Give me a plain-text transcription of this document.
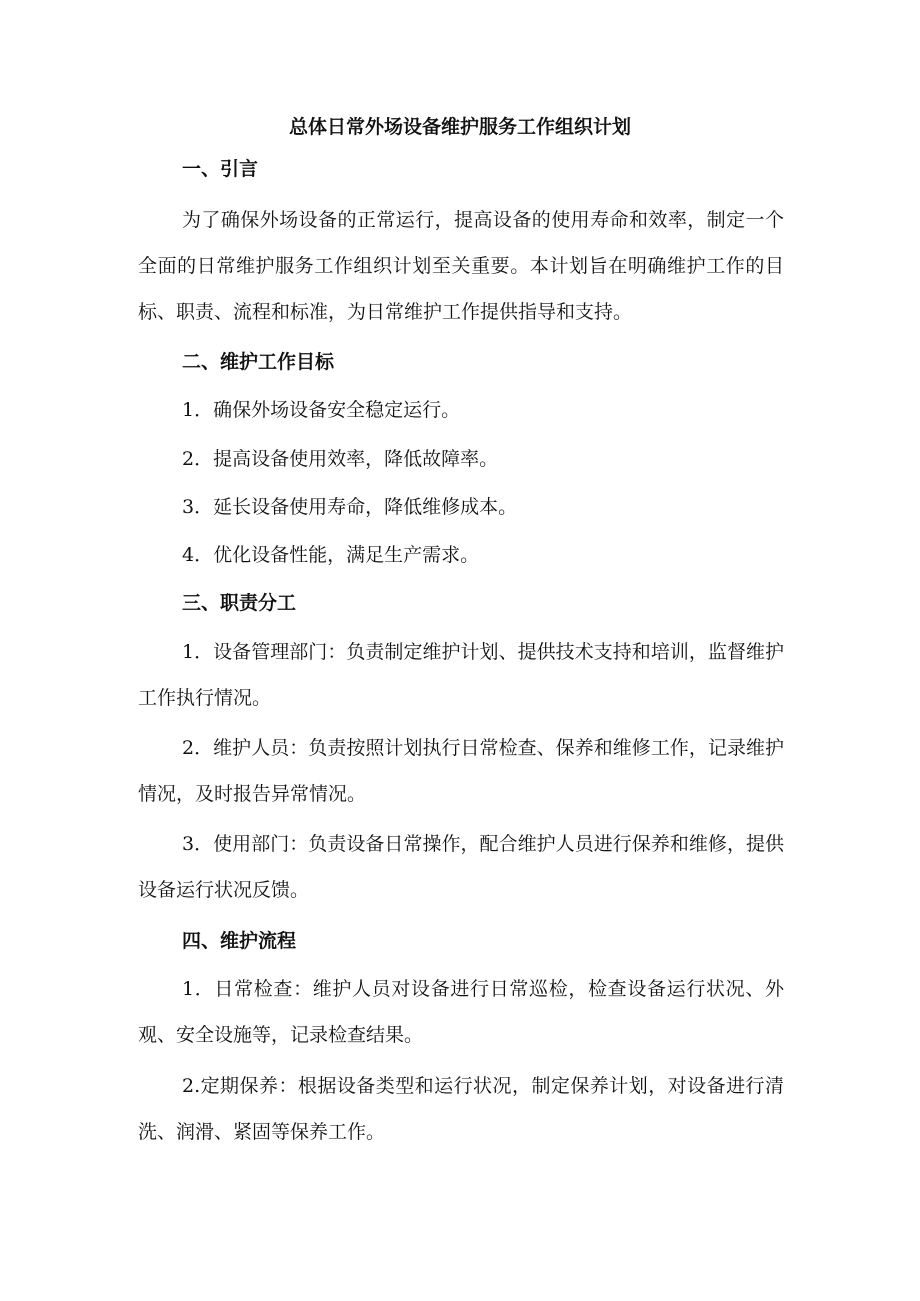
总体日常外场设备维护服务工作组织计划
一、引言
为了确保外场设备的正常运行，提高设备的使用寿命和效率，制定一个全面的日常维护服务工作组织计划至关重要。本计划旨在明确维护工作的目标、职责、流程和标准，为日常维护工作提供指导和支持。
二、维护工作目标
1．确保外场设备安全稳定运行。
2．提高设备使用效率，降低故障率。
3．延长设备使用寿命，降低维修成本。
4．优化设备性能，满足生产需求。
三、职责分工
1．设备管理部门：负责制定维护计划、提供技术支持和培训，监督维护工作执行情况。
2．维护人员：负责按照计划执行日常检查、保养和维修工作，记录维护情况，及时报告异常情况。
3．使用部门：负责设备日常操作，配合维护人员进行保养和维修，提供设备运行状况反馈。
四、维护流程
1．日常检查：维护人员对设备进行日常巡检，检查设备运行状况、外观、安全设施等，记录检查结果。
2.定期保养：根据设备类型和运行状况，制定保养计划，对设备进行清洗、润滑、紧固等保养工作。
